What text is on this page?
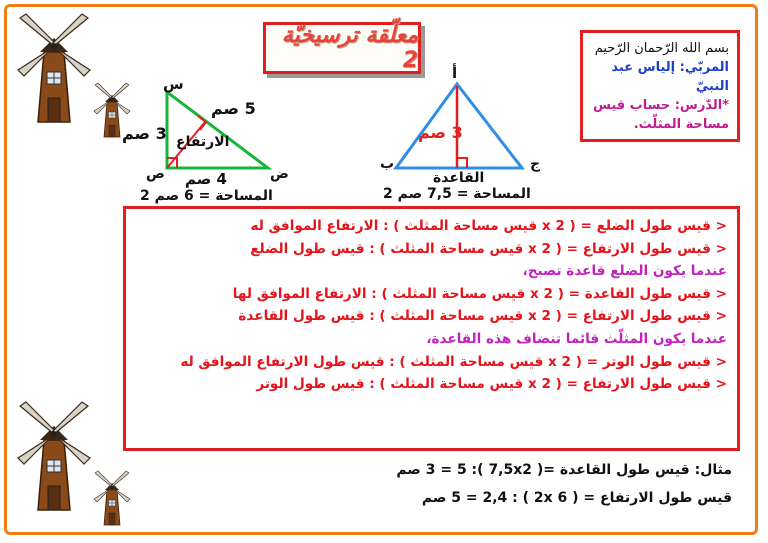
معلّقة ترسيخيّة 2	بسم الله الرّحمان الرّحيم
المربّي: إلياس عبد النبيّ
*الدّرس: حساب قيس
مساحة المثلّث.
س
5 صم
3 صم الارتفاع
ض
ص 4 صم
المساحة = 6 صم 2
أ
3 صم
ب	ج
القاعدة
المساحة = 7,5 صم 2
< قيس طول الضلع = ( 2 x قيس مساحة المثلث ) : الارتفاع الموافق له
< قيس طول الارتفاع = ( 2 x قيس مساحة المثلث ) : قيس طول الضلع
عندما يكون الضلع قاعدة تصبح،
< قيس طول القاعدة = ( 2 x قيس مساحة المثلث ) : الارتفاع الموافق لها
< قيس طول الارتفاع = ( 2 x قيس مساحة المثلث ) : قيس طول القاعدة
عندما يكون المثلّث قائما تنضاف هذه القاعدة،
< قيس طول الوتر = ( 2 x قيس مساحة المثلث ) : قيس طول الارتفاع الموافق له
< قيس طول الارتفاع = ( 2 x قيس مساحة المثلث ) : قيس طول الوتر
مثال: قيس طول القاعدة =( 7,5x2 ): 3 = 5 صم
قيس طول الارتفاع = ( 2x 6 ) : 5 = 2,4 صم
